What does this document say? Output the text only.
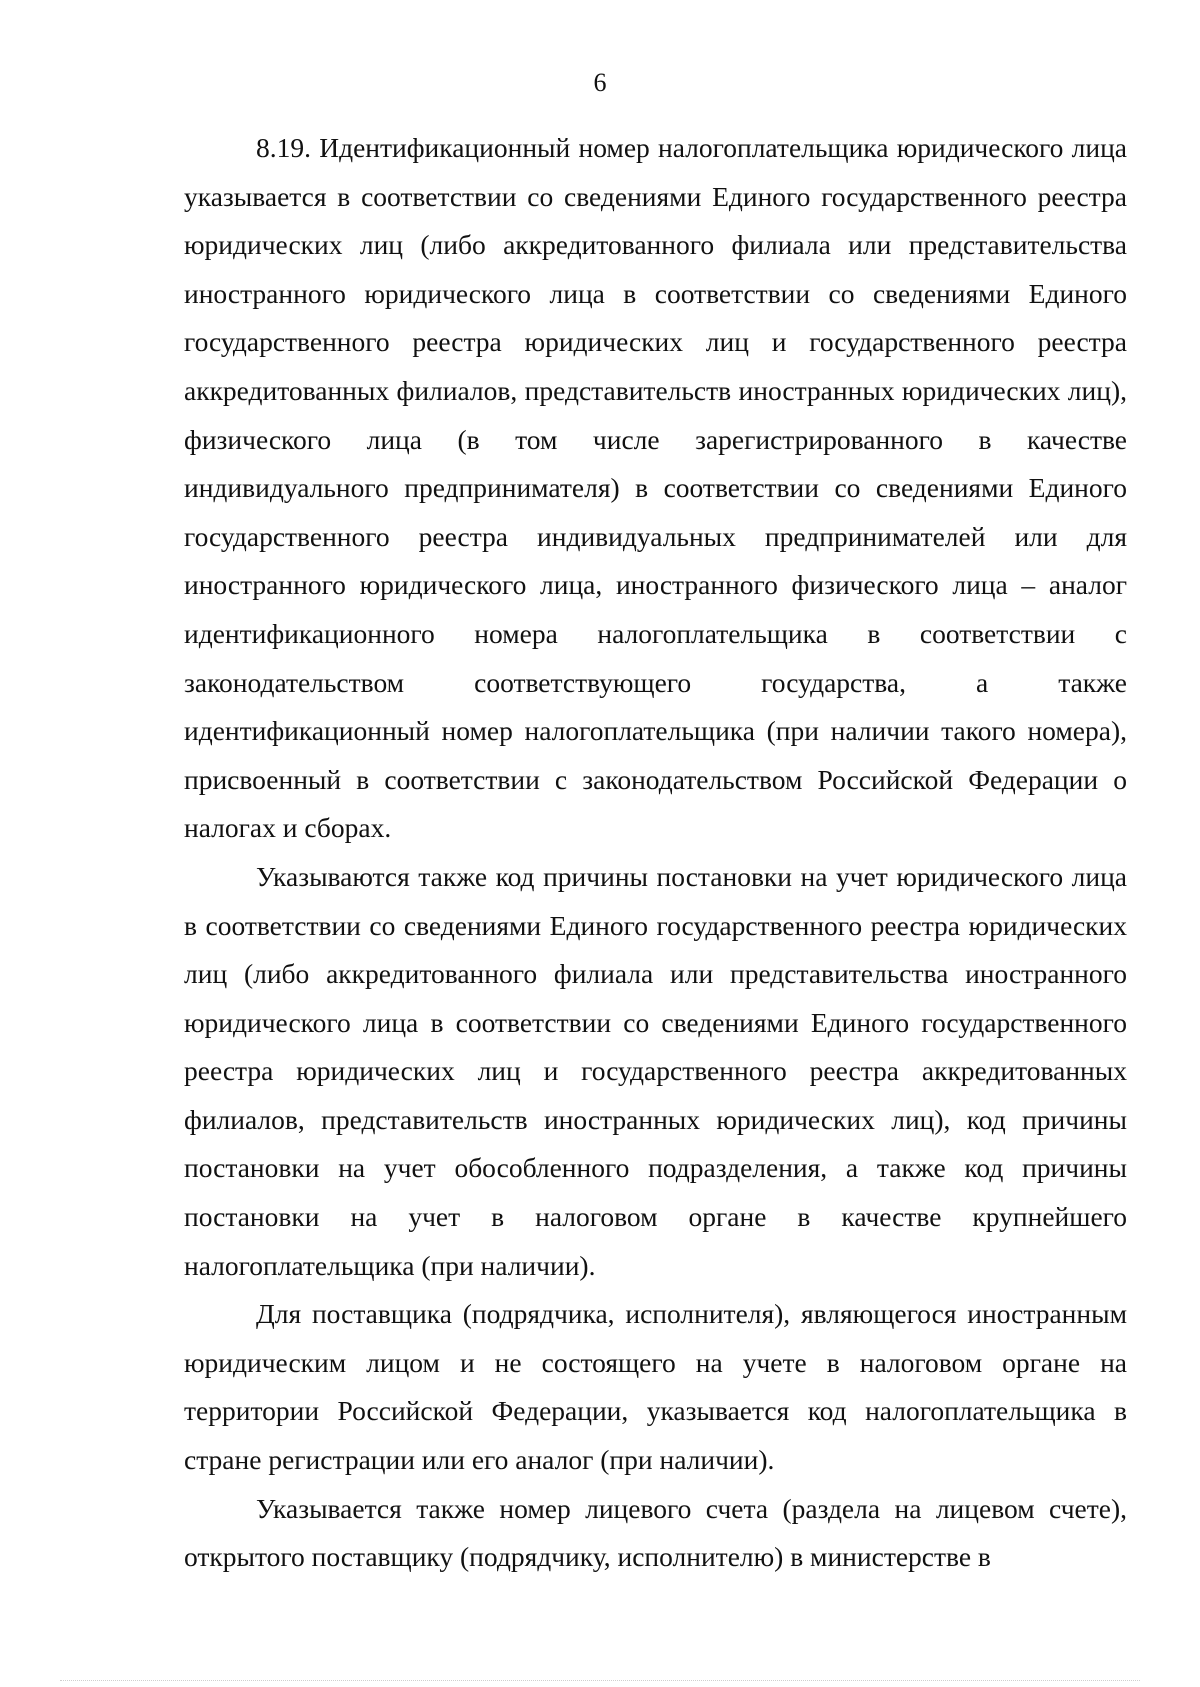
6

8.19. Идентификационный номер налогоплательщика юридического лица указывается в соответствии со сведениями Единого государственного реестра юридических лиц (либо аккредитованного филиала или представительства иностранного юридического лица в соответствии со сведениями Единого государственного реестра юридических лиц и государственного реестра аккредитованных филиалов, представительств иностранных юридических лиц), физического лица (в том числе зарегистрированного в качестве индивидуального предпринимателя) в соответствии со сведениями Единого государственного реестра индивидуальных предпринимателей или для иностранного юридического лица, иностранного физического лица – аналог идентификационного номера налогоплательщика в соответствии с законодательством соответствующего государства, а также идентификационный номер налогоплательщика (при наличии такого номера), присвоенный в соответствии с законодательством Российской Федерации о налогах и сборах.

Указываются также код причины постановки на учет юридического лица в соответствии со сведениями Единого государственного реестра юридических лиц (либо аккредитованного филиала или представительства иностранного юридического лица в соответствии со сведениями Единого государственного реестра юридических лиц и государственного реестра аккредитованных филиалов, представительств иностранных юридических лиц), код причины постановки на учет обособленного подразделения, а также код причины постановки на учет в налоговом органе в качестве крупнейшего налогоплательщика (при наличии).

Для поставщика (подрядчика, исполнителя), являющегося иностранным юридическим лицом и не состоящего на учете в налоговом органе на территории Российской Федерации, указывается код налогоплательщика в стране регистрации или его аналог (при наличии).

Указывается также номер лицевого счета (раздела на лицевом счете), открытого поставщику (подрядчику, исполнителю) в министерстве в
